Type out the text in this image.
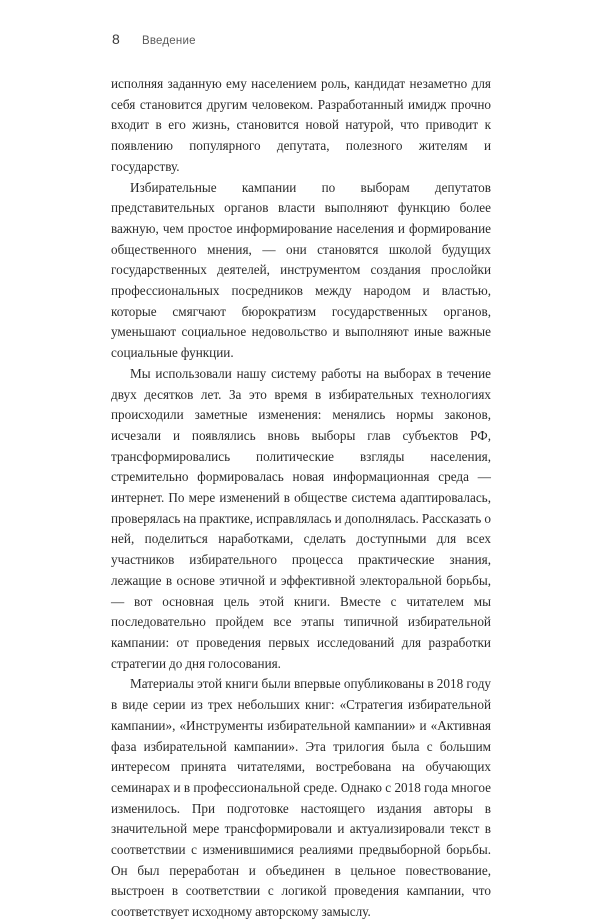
8	Введение

исполняя заданную ему населением роль, кандидат незаметно для себя становится другим человеком. Разработанный имидж прочно входит в его жизнь, становится новой натурой, что приводит к появлению популярного депутата, полезного жителям и государству.

Избирательные кампании по выборам депутатов представительных органов власти выполняют функцию более важную, чем простое информирование населения и формирование общественного мнения, — они становятся школой будущих государственных деятелей, инструментом создания прослойки профессиональных посредников между народом и властью, которые смягчают бюрократизм государственных органов, уменьшают социальное недовольство и выполняют иные важные социальные функции.

Мы использовали нашу систему работы на выборах в течение двух десятков лет. За это время в избирательных технологиях происходили заметные изменения: менялись нормы законов, исчезали и появлялись вновь выборы глав субъектов РФ, трансформировались политические взгляды населения, стремительно формировалась новая информационная среда — интернет. По мере изменений в обществе система адаптировалась, проверялась на практике, исправлялась и дополнялась. Рассказать о ней, поделиться наработками, сделать доступными для всех участников избирательного процесса практические знания, лежащие в основе этичной и эффективной электоральной борьбы, — вот основная цель этой книги. Вместе с читателем мы последовательно пройдем все этапы типичной избирательной кампании: от проведения первых исследований для разработки стратегии до дня голосования.

Материалы этой книги были впервые опубликованы в 2018 году в виде серии из трех небольших книг: «Стратегия избирательной кампании», «Инструменты избирательной кампании» и «Активная фаза избирательной кампании». Эта трилогия была с большим интересом принята читателями, востребована на обучающих семинарах и в профессиональной среде. Однако с 2018 года многое изменилось. При подготовке настоящего издания авторы в значительной мере трансформировали и актуализировали текст в соответствии с изменившимися реалиями предвыборной борьбы. Он был переработан и объединен в цельное повествование, выстроен в соответствии с логикой проведения кампании, что соответствует исходному авторскому замыслу.
